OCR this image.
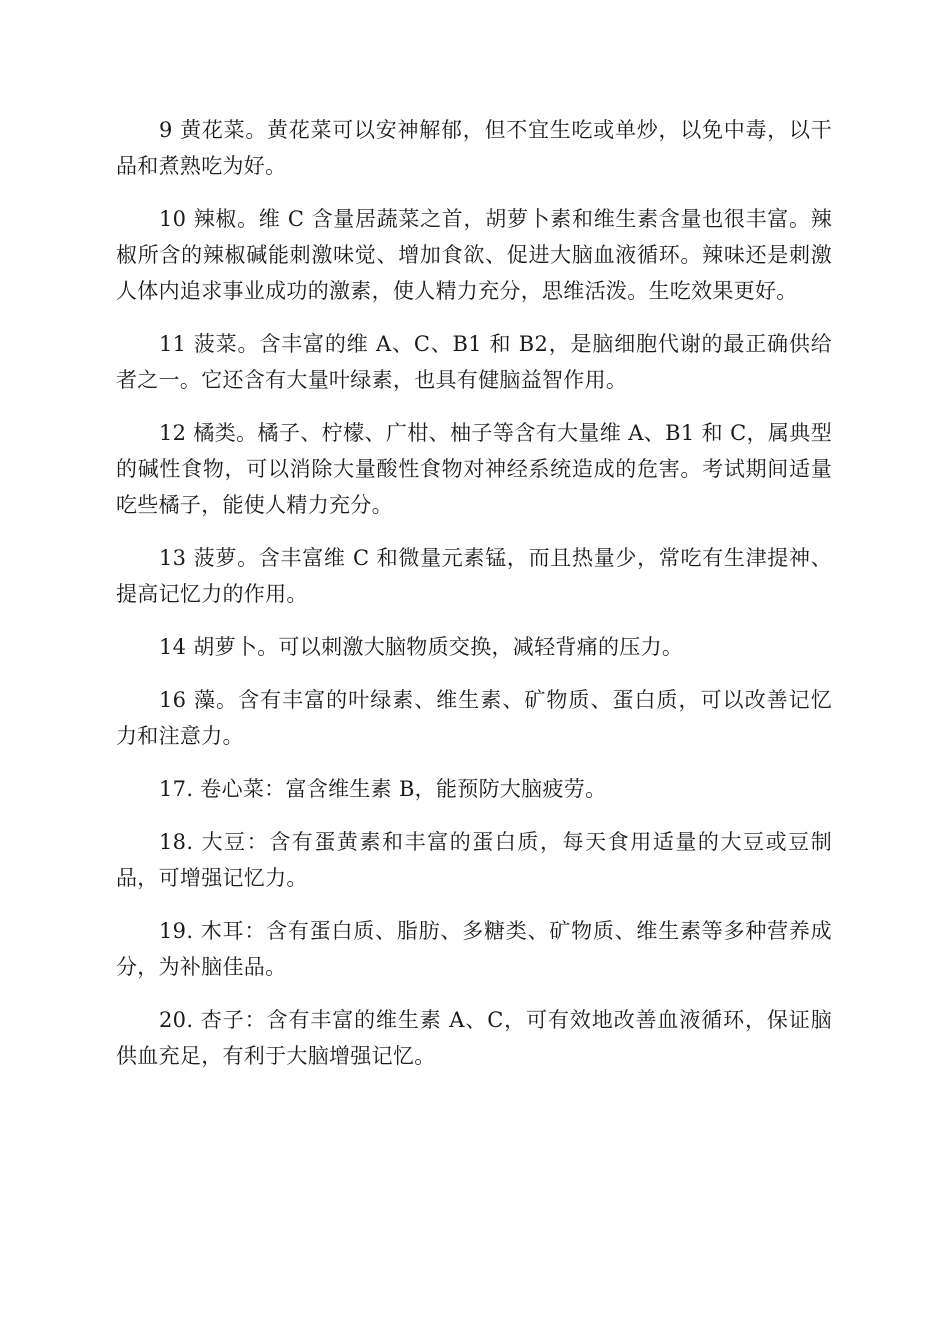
9 黄花菜。黄花菜可以安神解郁，但不宜生吃或单炒，以免中毒，以干品和煮熟吃为好。

10 辣椒。维 C 含量居蔬菜之首，胡萝卜素和维生素含量也很丰富。辣椒所含的辣椒碱能刺激味觉、增加食欲、促进大脑血液循环。辣味还是刺激人体内追求事业成功的激素，使人精力充分，思维活泼。生吃效果更好。

11 菠菜。含丰富的维 A、C、B1 和 B2，是脑细胞代谢的最正确供给者之一。它还含有大量叶绿素，也具有健脑益智作用。

12 橘类。橘子、柠檬、广柑、柚子等含有大量维 A、B1 和 C，属典型的碱性食物，可以消除大量酸性食物对神经系统造成的危害。考试期间适量吃些橘子，能使人精力充分。

13 菠萝。含丰富维 C 和微量元素锰，而且热量少，常吃有生津提神、提高记忆力的作用。

14 胡萝卜。可以刺激大脑物质交换，减轻背痛的压力。

16 藻。含有丰富的叶绿素、维生素、矿物质、蛋白质，可以改善记忆力和注意力。

17. 卷心菜：富含维生素 B，能预防大脑疲劳。

18. 大豆：含有蛋黄素和丰富的蛋白质，每天食用适量的大豆或豆制品，可增强记忆力。

19. 木耳：含有蛋白质、脂肪、多糖类、矿物质、维生素等多种营养成分，为补脑佳品。

20. 杏子：含有丰富的维生素 A、C，可有效地改善血液循环，保证脑供血充足，有利于大脑增强记忆。
